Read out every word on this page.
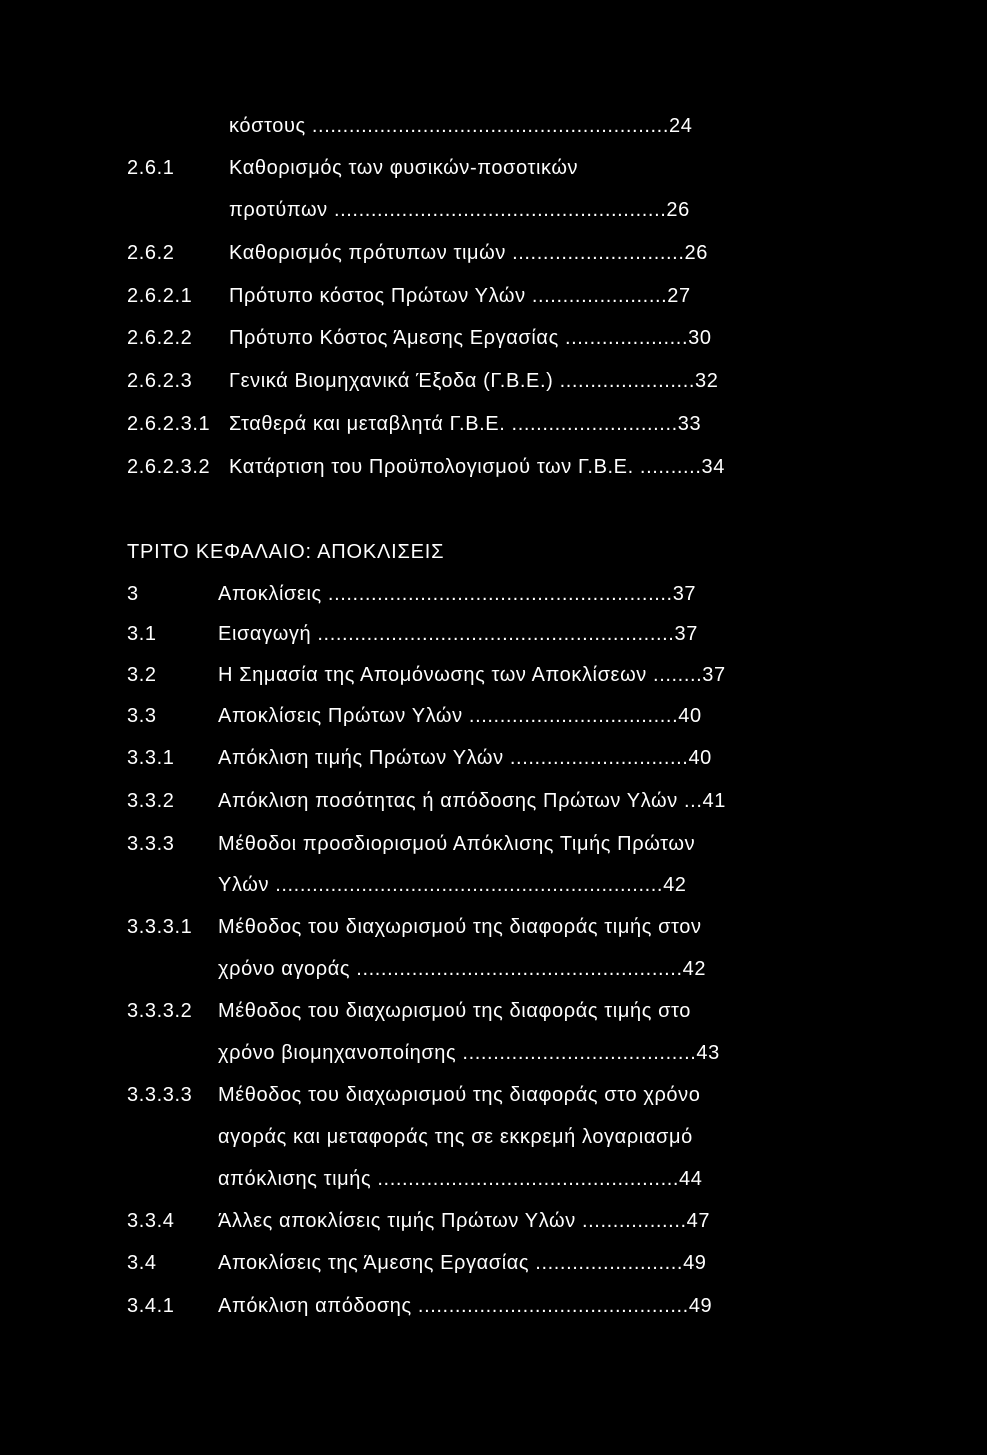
κόστους ..........................................................24
2.6.1	Καθορισμός των φυσικών-ποσοτικών
προτύπων ......................................................26
2.6.2	Καθορισμός πρότυπων τιμών ............................26
2.6.2.1 Πρότυπο κόστος Πρώτων Υλών ......................27
2.6.2.2 Πρότυπο Κόστος Άμεσης Εργασίας ....................30
2.6.2.3 Γενικά Βιομηχανικά Έξοδα (Γ.Β.Ε.) ......................32
2.6.2.3.1 Σταθερά και μεταβλητά Γ.Β.Ε. ...........................33
2.6.2.3.2 Κατάρτιση του Προϋπολογισμού των Γ.Β.Ε. ..........34
ΤΡΙΤΟ ΚΕΦΑΛΑΙΟ: ΑΠΟΚΛΙΣΕΙΣ
3	Αποκλίσεις ........................................................37
3.1	Εισαγωγή ..........................................................37
3.2	Η Σημασία της Απομόνωσης των Αποκλίσεων ........37
3.3	Αποκλίσεις Πρώτων Υλών ..................................40
3.3.1 Απόκλιση τιμής Πρώτων Υλών .............................40
3.3.2 Απόκλιση ποσότητας ή απόδοσης Πρώτων Υλών ...41
3.3.3 Μέθοδοι προσδιορισμού Απόκλισης Τιμής Πρώτων
Υλών ...............................................................42
3.3.3.1 Μέθοδος του διαχωρισμού της διαφοράς τιμής στον
χρόνο αγοράς .....................................................42
3.3.3.2 Μέθοδος του διαχωρισμού της διαφοράς τιμής στο
χρόνο βιομηχανοποίησης ......................................43
3.3.3.3 Μέθοδος του διαχωρισμού της διαφοράς στο χρόνο
αγοράς και μεταφοράς της σε εκκρεμή λογαριασμό
απόκλισης τιμής .................................................44
3.3.4 Άλλες αποκλίσεις τιμής Πρώτων Υλών .................47
3.4	Αποκλίσεις της Άμεσης Εργασίας ........................49
3.4.1 Απόκλιση απόδοσης ............................................49
